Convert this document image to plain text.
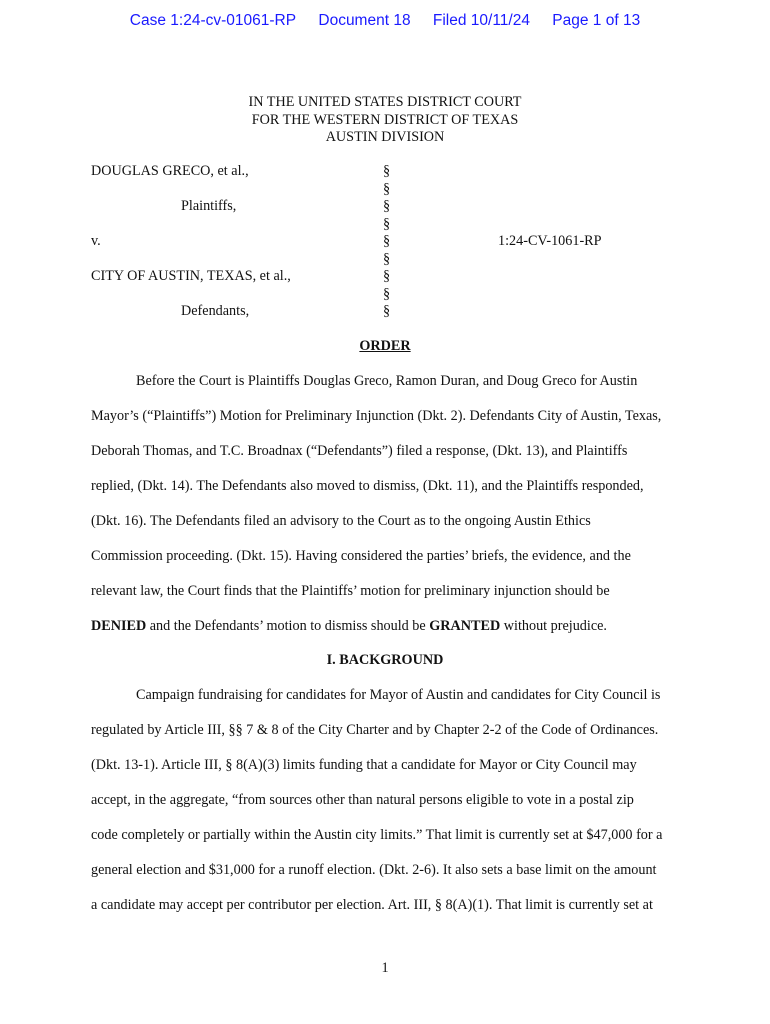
Case 1:24-cv-01061-RP Document 18 Filed 10/11/24 Page 1 of 13
IN THE UNITED STATES DISTRICT COURT
FOR THE WESTERN DISTRICT OF TEXAS
AUSTIN DIVISION
DOUGLAS GRECO, et al.,
Plaintiffs,
v.	1:24-CV-1061-RP
CITY OF AUSTIN, TEXAS, et al.,
Defendants,
§
§
§
§
§
§
§
§
§
ORDER
Before the Court is Plaintiffs Douglas Greco, Ramon Duran, and Doug Greco for Austin
Mayor’s (“Plaintiffs”) Motion for Preliminary Injunction (Dkt. 2). Defendants City of Austin, Texas,
Deborah Thomas, and T.C. Broadnax (“Defendants”) filed a response, (Dkt. 13), and Plaintiffs
replied, (Dkt. 14). The Defendants also moved to dismiss, (Dkt. 11), and the Plaintiffs responded,
(Dkt. 16). The Defendants filed an advisory to the Court as to the ongoing Austin Ethics
Commission proceeding. (Dkt. 15). Having considered the parties’ briefs, the evidence, and the
relevant law, the Court finds that the Plaintiffs’ motion for preliminary injunction should be
DENIED and the Defendants’ motion to dismiss should be GRANTED without prejudice.
I. BACKGROUND
Campaign fundraising for candidates for Mayor of Austin and candidates for City Council is
regulated by Article III, §§ 7 & 8 of the City Charter and by Chapter 2-2 of the Code of Ordinances.
(Dkt. 13-1). Article III, § 8(A)(3) limits funding that a candidate for Mayor or City Council may
accept, in the aggregate, “from sources other than natural persons eligible to vote in a postal zip
code completely or partially within the Austin city limits.” That limit is currently set at $47,000 for a
general election and $31,000 for a runoff election. (Dkt. 2-6). It also sets a base limit on the amount
a candidate may accept per contributor per election. Art. III, § 8(A)(1). That limit is currently set at
1
